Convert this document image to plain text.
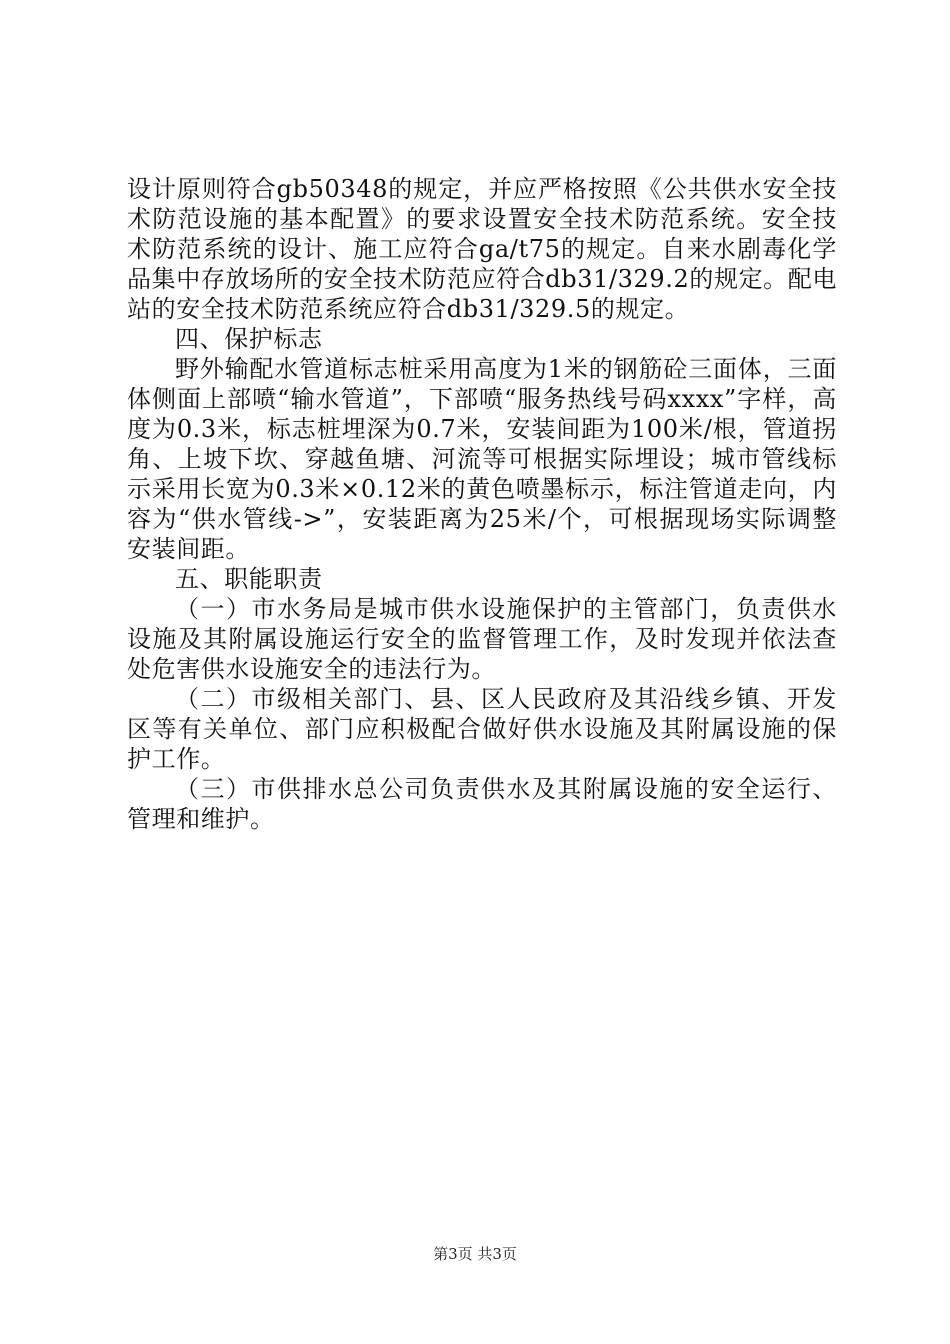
设计原则符合gb50348的规定，并应严格按照《公共供水安全技术防范设施的基本配置》的要求设置安全技术防范系统。安全技术防范系统的设计、施工应符合ga/t75的规定。自来水剧毒化学品集中存放场所的安全技术防范应符合db31/329.2的规定。配电站的安全技术防范系统应符合db31/329.5的规定。

四、保护标志

野外输配水管道标志桩采用高度为1米的钢筋砼三面体，三面体侧面上部喷“输水管道”，下部喷“服务热线号码xxxx”字样，高度为0.3米，标志桩埋深为0.7米，安装间距为100米/根，管道拐角、上坡下坎、穿越鱼塘、河流等可根据实际埋设；城市管线标示采用长宽为0.3米×0.12米的黄色喷墨标示，标注管道走向，内容为“供水管线->”，安装距离为25米/个，可根据现场实际调整安装间距。

五、职能职责

（一）市水务局是城市供水设施保护的主管部门，负责供水设施及其附属设施运行安全的监督管理工作，及时发现并依法查处危害供水设施安全的违法行为。

（二）市级相关部门、县、区人民政府及其沿线乡镇、开发区等有关单位、部门应积极配合做好供水设施及其附属设施的保护工作。

（三）市供排水总公司负责供水及其附属设施的安全运行、管理和维护。

第3页 共3页
